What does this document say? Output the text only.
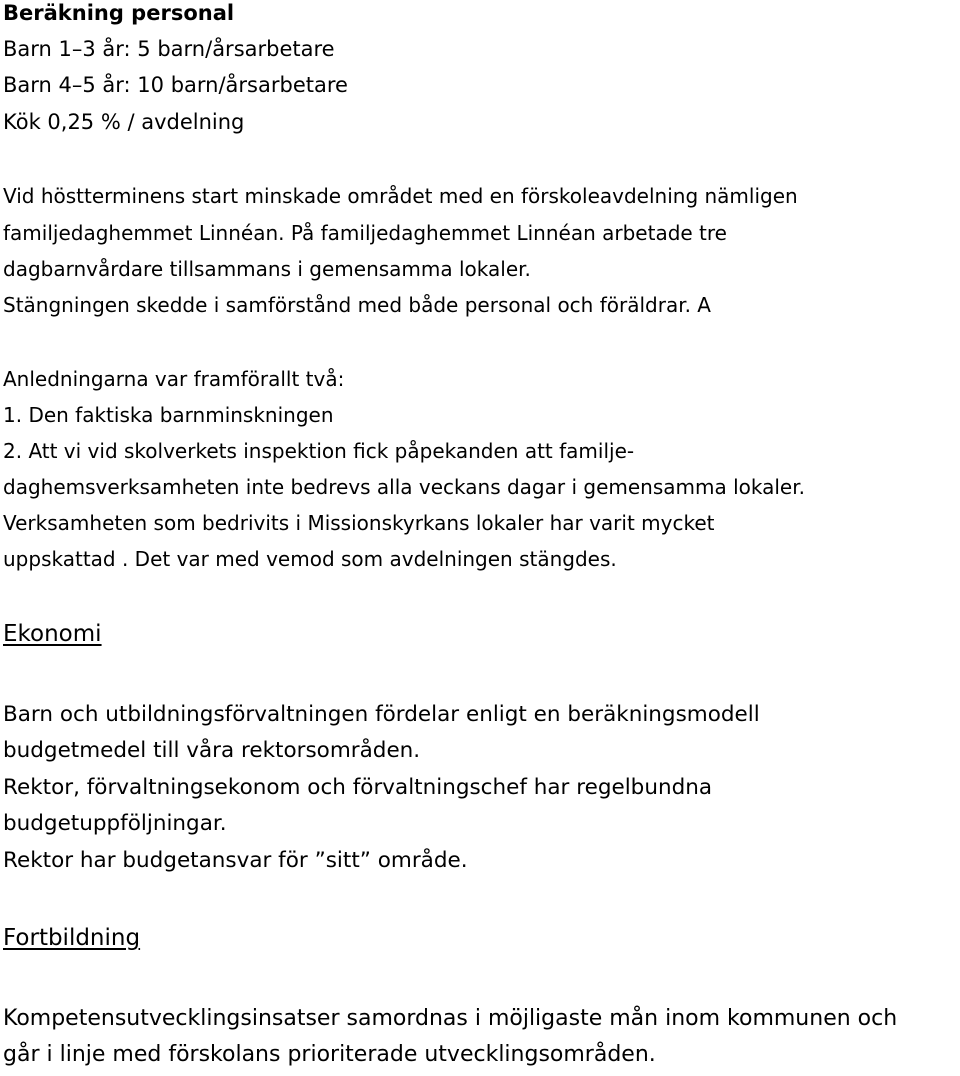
Beräkning personal

Barn 1–3 år: 5 barn/årsarbetare

Barn 4–5 år: 10 barn/årsarbetare

Kök 0,25 % / avdelning

Vid höstterminens start minskade området med en förskoleavdelning nämligen

familjedaghemmet Linnéan. På familjedaghemmet Linnéan arbetade tre

dagbarnvårdare tillsammans i gemensamma lokaler.

Stängningen skedde i samförstånd med både personal och föräldrar. A

Anledningarna var framförallt två:

1. Den faktiska barnminskningen

2. Att vi vid skolverkets inspektion fick påpekanden att familje-

daghemsverksamheten inte bedrevs alla veckans dagar i gemensamma lokaler.

Verksamheten som bedrivits i Missionskyrkans lokaler har varit mycket

uppskattad . Det var med vemod som avdelningen stängdes.

Ekonomi

Barn och utbildningsförvaltningen fördelar enligt en beräkningsmodell

budgetmedel till våra rektorsområden.

Rektor, förvaltningsekonom och förvaltningschef har regelbundna

budgetuppföljningar.

Rektor har budgetansvar för ”sitt” område.

Fortbildning

Kompetensutvecklingsinsatser samordnas i möjligaste mån inom kommunen och

går i linje med förskolans prioriterade utvecklingsområden.
